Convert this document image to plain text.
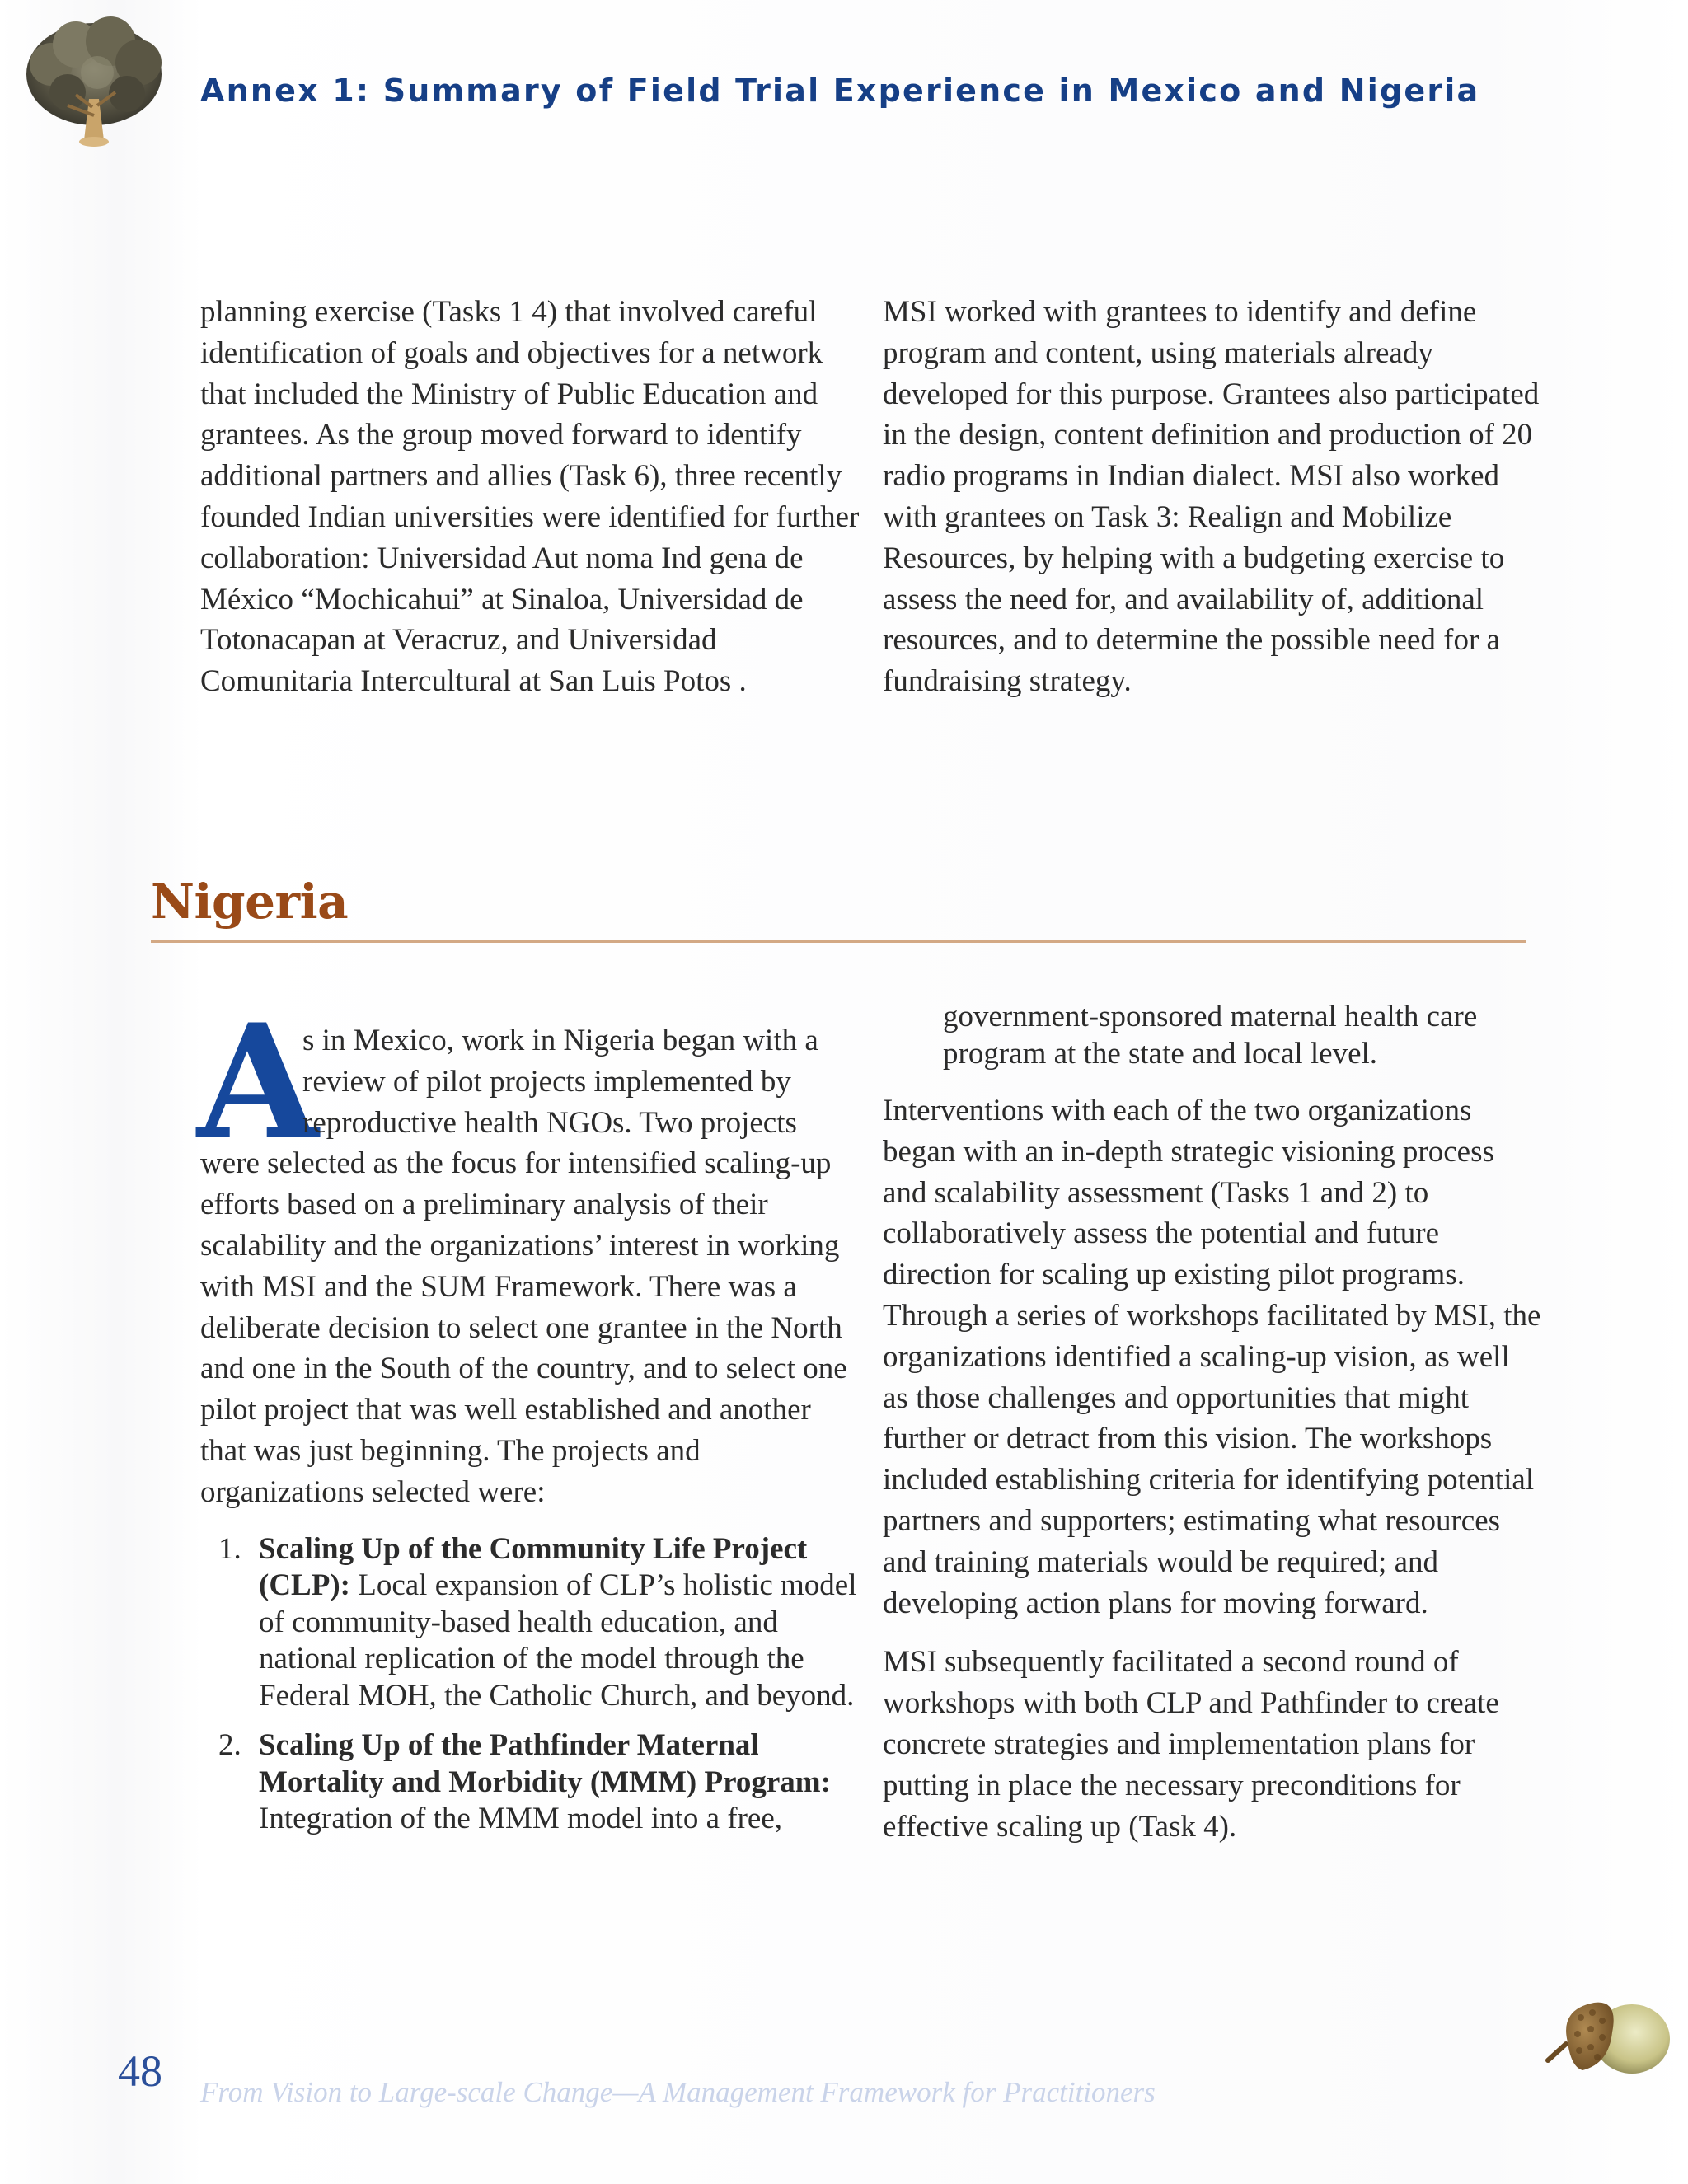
Annex 1: Summary of Field Trial Experience in Mexico and Nigeria

planning exercise (Tasks 1 4) that involved careful identification of goals and objectives for a network that included the Ministry of Public Education and grantees. As the group moved forward to identify additional partners and allies (Task 6), three recently founded Indian universities were identified for further collaboration: Universidad Aut noma Ind gena de México “Mochicahui” at Sinaloa, Universidad de Totonacapan at Veracruz, and Universidad Comunitaria Intercultural at San Luis Potos .

MSI worked with grantees to identify and define program and content, using materials already developed for this purpose. Grantees also participated in the design, content definition and production of 20 radio programs in Indian dialect. MSI also worked with grantees on Task 3: Realign and Mobilize Resources, by helping with a budgeting exercise to assess the need for, and availability of, additional resources, and to determine the possible need for a fundraising strategy.

Nigeria
A

s in Mexico, work in Nigeria began with a review of pilot projects implemented by reproductive health NGOs. Two projects were selected as the focus for intensified scaling-up efforts based on a preliminary analysis of their scalability and the organizations’ interest in working with MSI and the SUM Framework. There was a deliberate decision to select one grantee in the North and one in the South of the country, and to select one pilot project that was well established and another that was just beginning. The projects and organizations selected were:

1. Scaling Up of the Community Life Project (CLP): Local expansion of CLP’s holistic model of community-based health education, and national replication of the model through the Federal MOH, the Catholic Church, and beyond.
2. Scaling Up of the Pathfinder Maternal Mortality and Morbidity (MMM) Program: Integration of the MMM model into a free,

government-sponsored maternal health care program at the state and local level.

Interventions with each of the two organizations began with an in-depth strategic visioning process and scalability assessment (Tasks 1 and 2) to collaboratively assess the potential and future direction for scaling up existing pilot programs. Through a series of workshops facilitated by MSI, the organizations identified a scaling-up vision, as well as those challenges and opportunities that might further or detract from this vision. The workshops included establishing criteria for identifying potential partners and supporters; estimating what resources and training materials would be required; and developing action plans for moving forward.

MSI subsequently facilitated a second round of workshops with both CLP and Pathfinder to create concrete strategies and implementation plans for putting in place the necessary preconditions for effective scaling up (Task 4).

48 From Vision to Large-scale Change—A Management Framework for Practitioners
